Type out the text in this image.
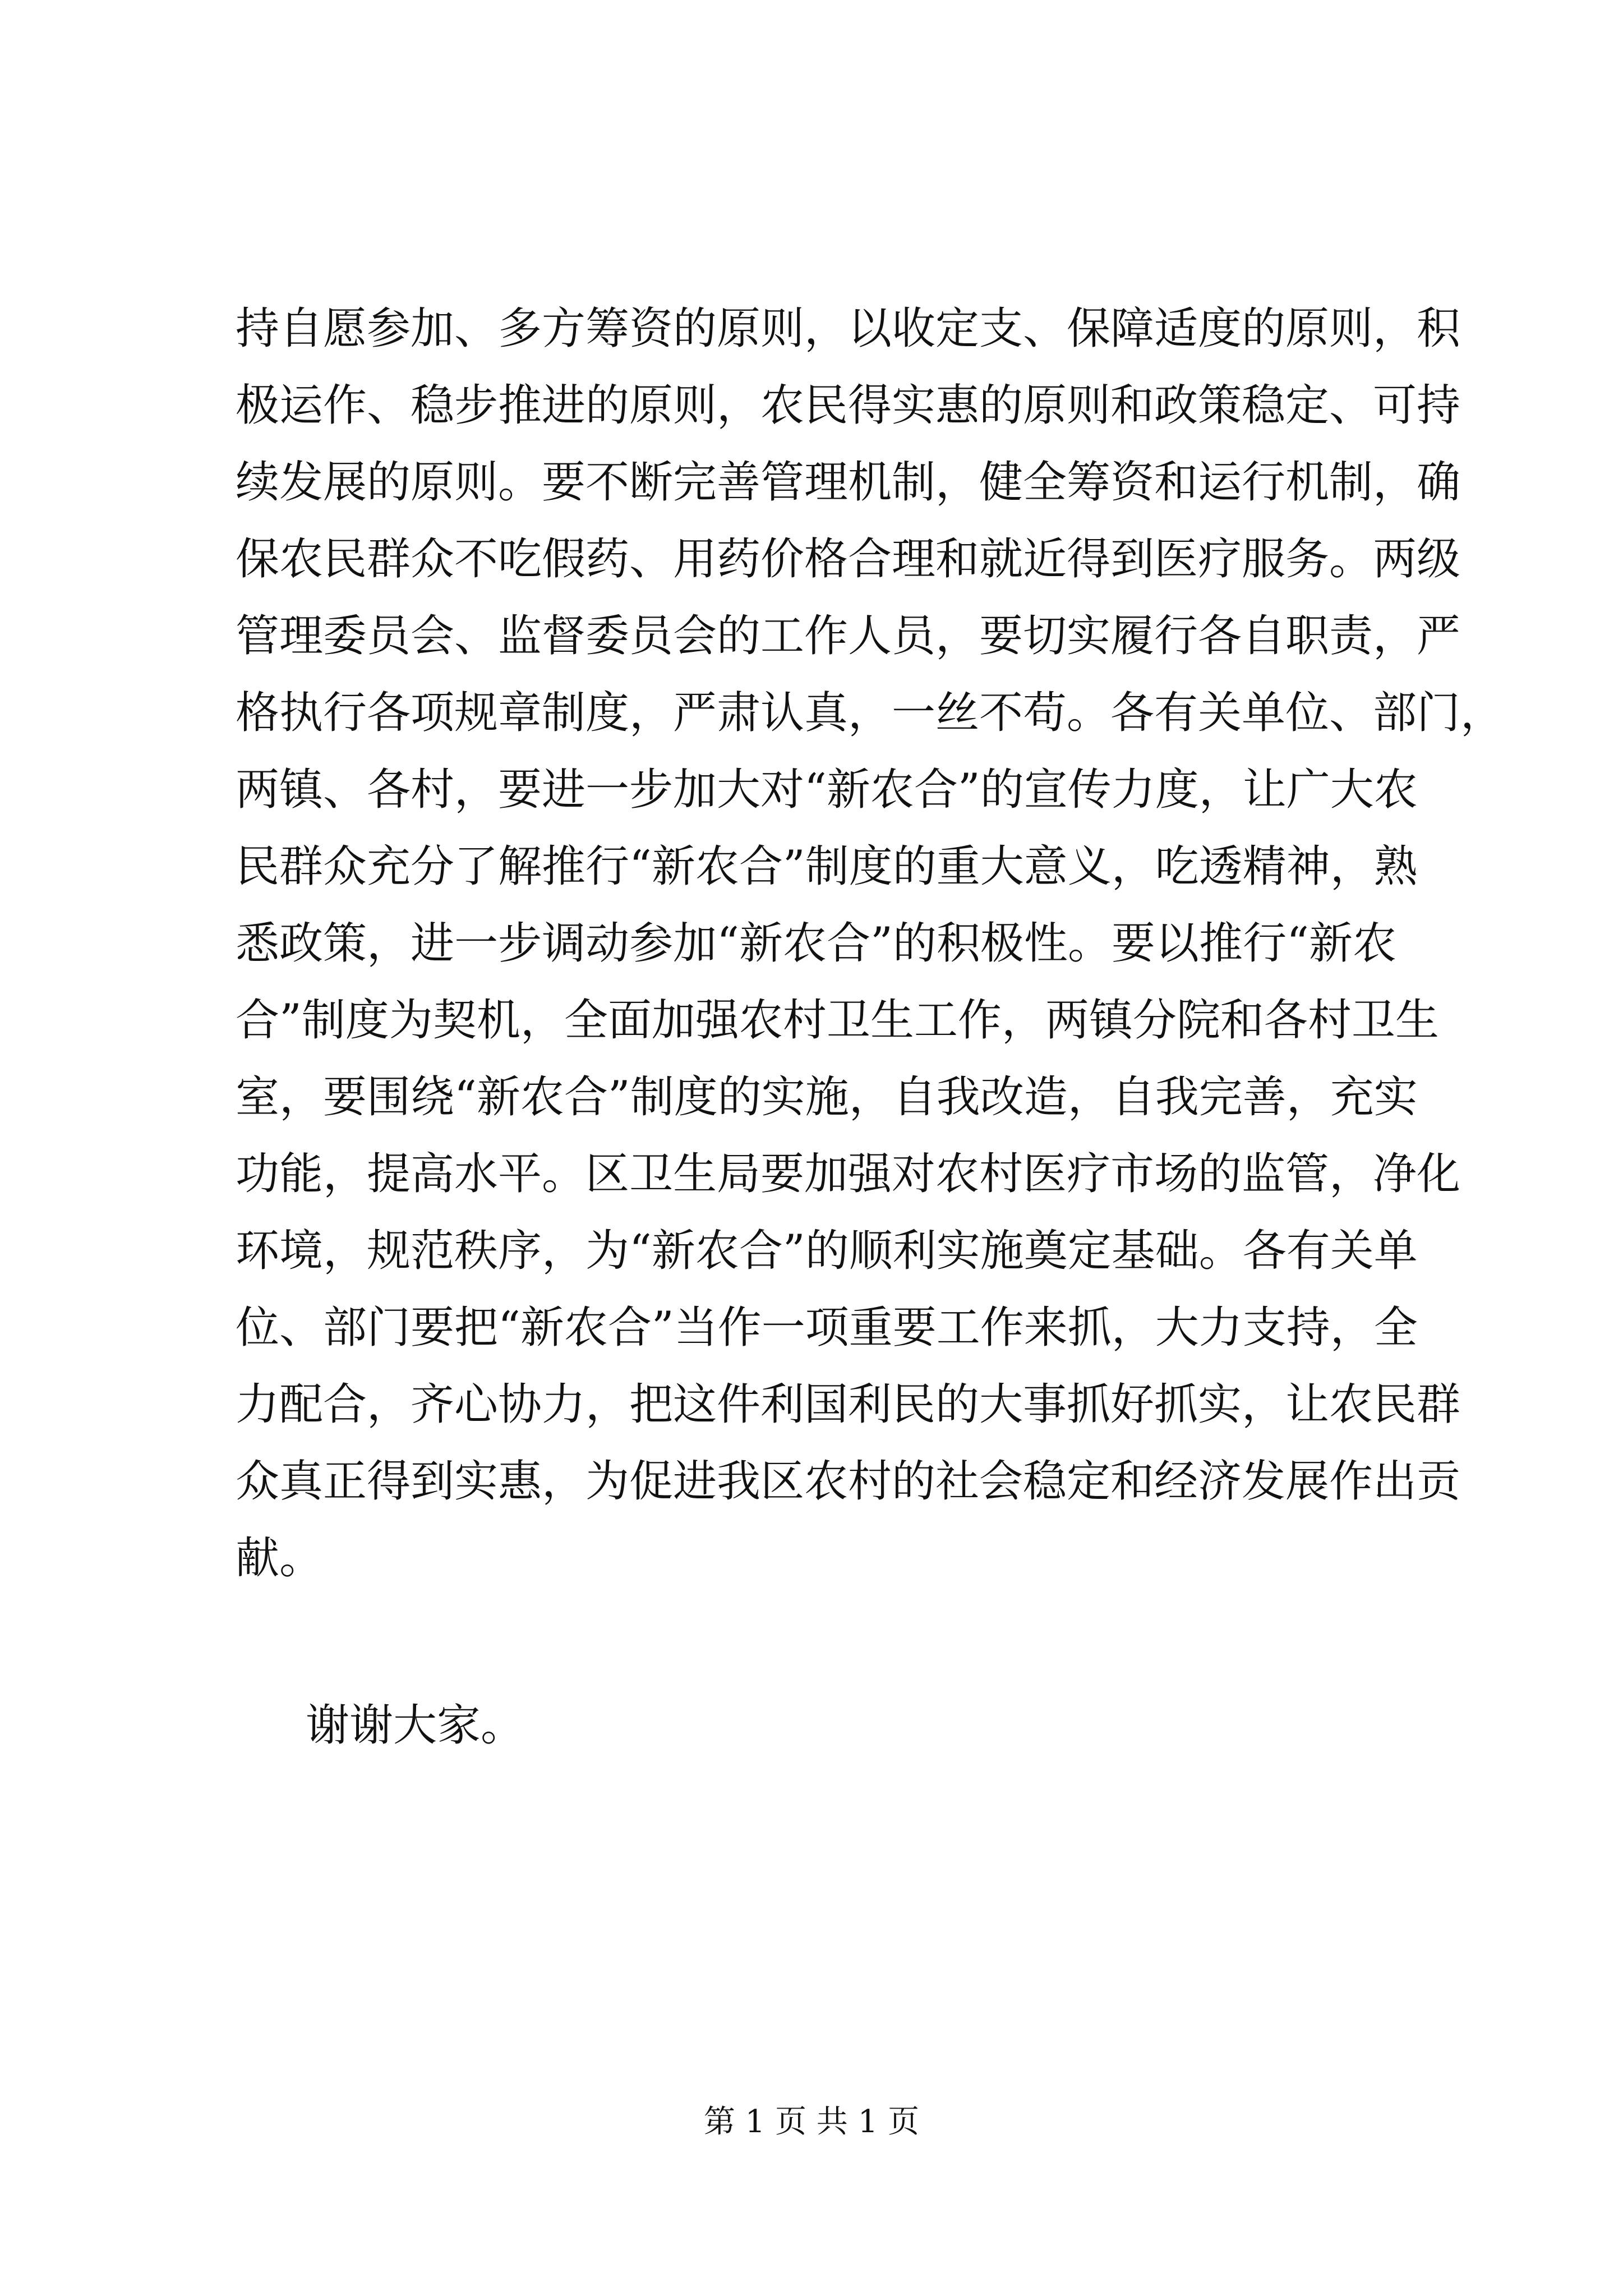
持自愿参加、多方筹资的原则，以收定支、保障适度的原则，积
极运作、稳步推进的原则，农民得实惠的原则和政策稳定、可持
续发展的原则。要不断完善管理机制，健全筹资和运行机制，确
保农民群众不吃假药、用药价格合理和就近得到医疗服务。两级
管理委员会、监督委员会的工作人员，要切实履行各自职责，严
格执行各项规章制度，严肃认真，一丝不苟。各有关单位、部门，
两镇、各村，要进一步加大对“新农合”的宣传力度，让广大农
民群众充分了解推行“新农合”制度的重大意义，吃透精神，熟
悉政策，进一步调动参加“新农合”的积极性。要以推行“新农
合”制度为契机，全面加强农村卫生工作，两镇分院和各村卫生
室，要围绕“新农合”制度的实施，自我改造，自我完善，充实
功能，提高水平。区卫生局要加强对农村医疗市场的监管，净化
环境，规范秩序，为“新农合”的顺利实施奠定基础。各有关单
位、部门要把“新农合”当作一项重要工作来抓，大力支持，全
力配合，齐心协力，把这件利国利民的大事抓好抓实，让农民群
众真正得到实惠，为促进我区农村的社会稳定和经济发展作出贡
献。

谢谢大家。

第 1 页 共 1 页
